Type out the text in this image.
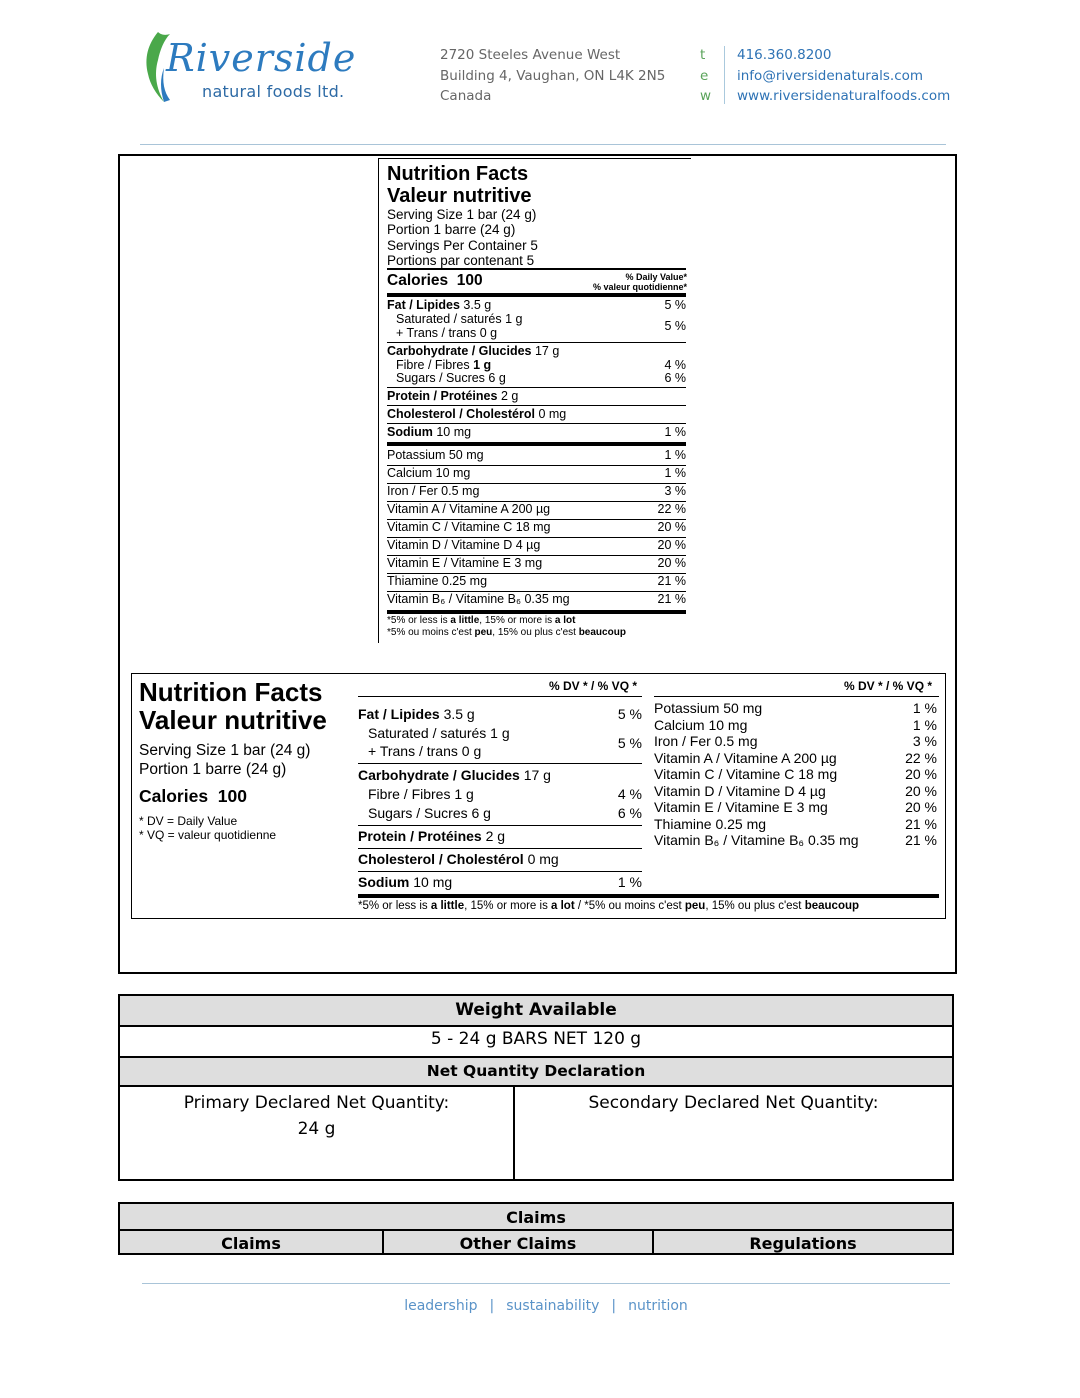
Riverside
natural foods ltd.
2720 Steeles Avenue West
Building 4, Vaughan, ON L4K 2N5
Canada
t
e
w
416.360.8200
info@riversidenaturals.com
www.riversidenaturalfoods.com
Nutrition Facts
Valeur nutritive
Serving Size 1 bar (24 g)
Portion 1 barre (24 g)
Servings Per Container 5
Portions par contenant 5
Calories  100	% Daily Value*
% valeur quotidienne*
Fat / Lipides 3.5 g	5 %
Saturated / saturés 1 g
+ Trans / trans 0 g	5 %
Carbohydrate / Glucides 17 g
Fibre / Fibres 1 g	4 %
Sugars / Sucres 6 g	6 %
Protein / Protéines 2 g
Cholesterol / Cholestérol 0 mg
Sodium 10 mg	1 %
Potassium 50 mg	1 %
Calcium 10 mg	1 %
Iron / Fer 0.5 mg	3 %
Vitamin A / Vitamine A 200 µg	22 %
Vitamin C / Vitamine C 18 mg	20 %
Vitamin D / Vitamine D 4 µg	20 %
Vitamin E / Vitamine E 3 mg	20 %
Thiamine 0.25 mg	21 %
Vitamin B₆ / Vitamine B₆ 0.35 mg	21 %
*5% or less is a little, 15% or more is a lot
*5% ou moins c'est peu, 15% ou plus c'est beaucoup
Nutrition Facts
Valeur nutritive
Serving Size 1 bar (24 g)
Portion 1 barre (24 g)
Calories  100
* DV = Daily Value
* VQ = valeur quotidienne
% DV * / % VQ *
Fat / Lipides 3.5 g	5 %
Saturated / saturés 1 g
+ Trans / trans 0 g	5 %
Carbohydrate / Glucides 17 g
Fibre / Fibres 1 g	4 %
Sugars / Sucres 6 g	6 %
Protein / Protéines 2 g
Cholesterol / Cholestérol 0 mg
Sodium 10 mg	1 %
% DV * / % VQ *
Potassium 50 mg	1 %
Calcium 10 mg	1 %
Iron / Fer 0.5 mg	3 %
Vitamin A / Vitamine A 200 µg	22 %
Vitamin C / Vitamine C 18 mg	20 %
Vitamin D / Vitamine D 4 µg	20 %
Vitamin E / Vitamine E 3 mg	20 %
Thiamine 0.25 mg	21 %
Vitamin B₆ / Vitamine B₆ 0.35 mg	21 %
*5% or less is a little, 15% or more is a lot / *5% ou moins c'est peu, 15% ou plus c'est beaucoup
Weight Available
5 - 24 g BARS NET 120 g
Net Quantity Declaration
Primary Declared Net Quantity:
24 g
Secondary Declared Net Quantity:
Claims
Claims	Other Claims	Regulations
leadership | sustainability | nutrition
